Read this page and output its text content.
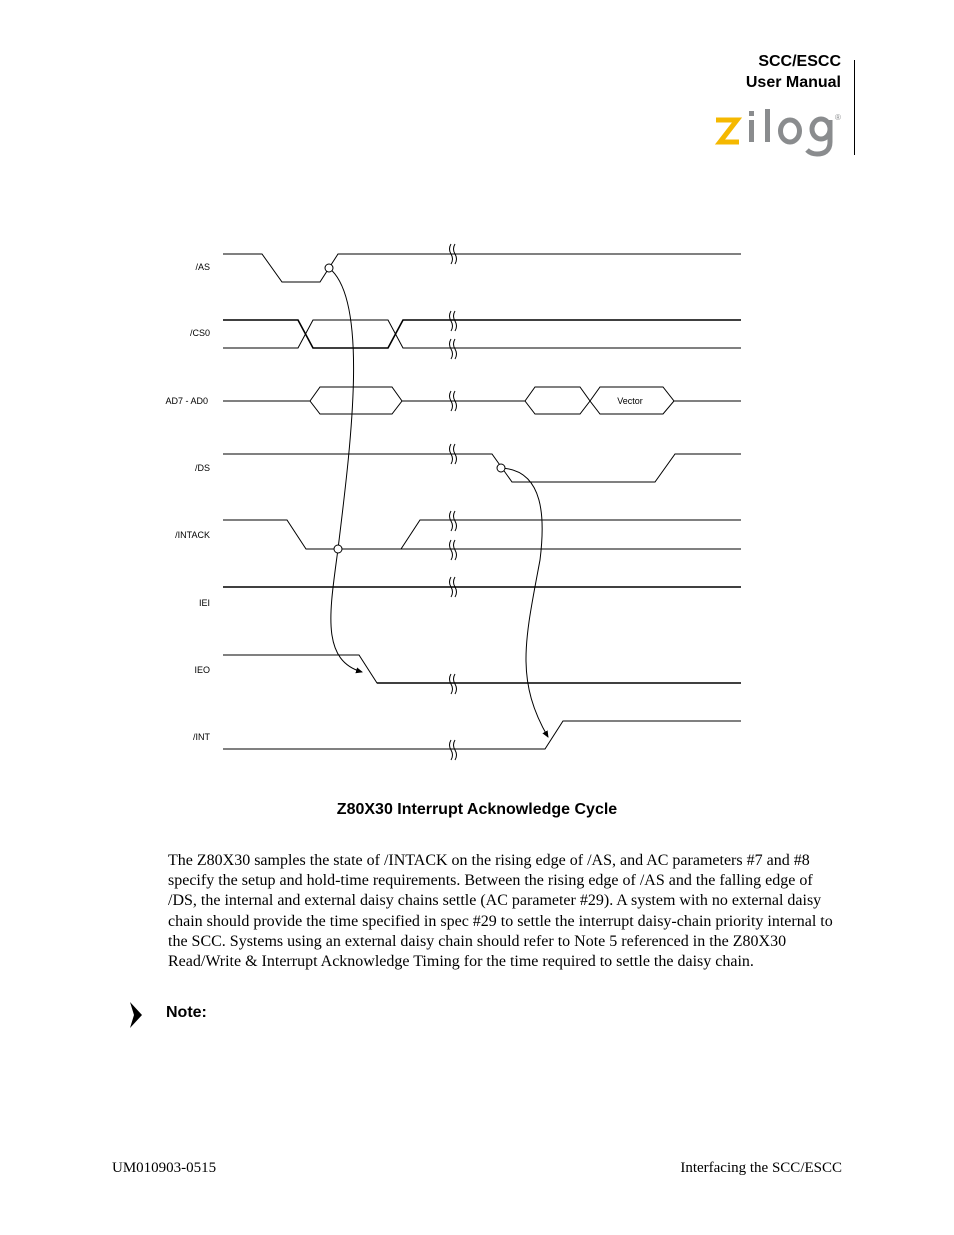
SCC/ESCC
User Manual
®
/AS
/CS0
AD7 - AD0
/DS
/INTACK
IEI
IEO
/INT
Vector
Z80X30 Interrupt Acknowledge Cycle
The Z80X30 samples the state of /INTACK on the rising edge of /AS, and AC parameters #7 and #8 specify the setup and hold-time requirements. Between the rising edge of /AS and the falling edge of /DS, the internal and external daisy chains settle (AC parameter #29). A system with no external daisy chain should provide the time specified in spec #29 to settle the interrupt daisy-chain priority internal to the SCC. Systems using an external daisy chain should refer to Note 5 referenced in the Z80X30 Read/Write & Interrupt Acknowledge Timing for the time required to settle the daisy chain.
Note:
UM010903-0515	Interfacing the SCC/ESCC
